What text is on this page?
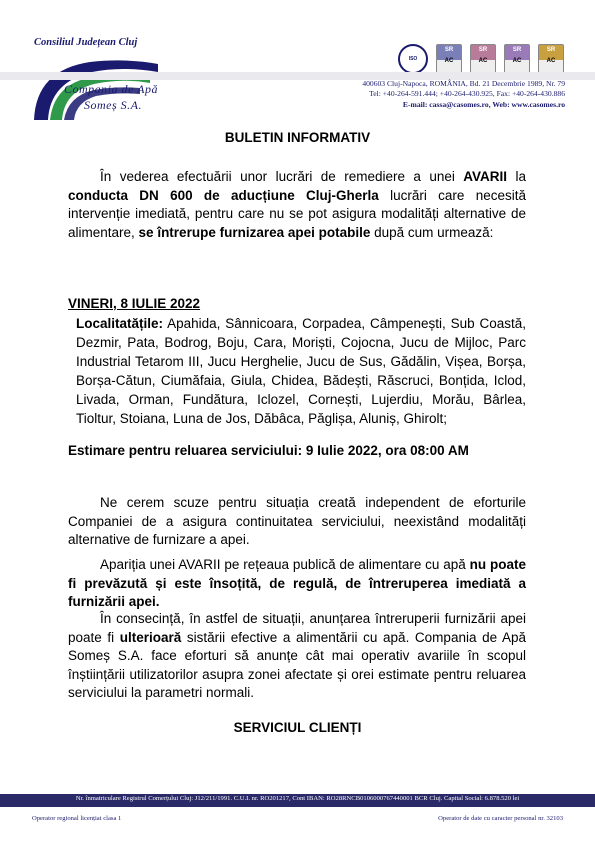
Consiliul Județean Cluj
Compania de Apă
Someș S.A.
ISO
SR
AC
SR
AC
SR
AC
SR
AC
400603 Cluj-Napoca, ROMÂNIA, Bd. 21 Decembrie 1989, Nr. 79
Tel: +40-264-591.444; +40-264-430.925, Fax: +40-264-430.886
E-mail: cassa@casomes.ro, Web: www.casomes.ro
BULETIN INFORMATIV
În vederea efectuării unor lucrări de remediere a unei AVARII la conducta DN 600 de aducțiune Cluj-Gherla lucrări care necesită intervenție imediată, pentru care nu se pot asigura modalități alternative de alimentare, se întrerupe furnizarea apei potabile după cum urmează:
VINERI, 8 IULIE 2022
Localitatățile: Apahida, Sânnicoara, Corpadea, Câmpenești, Sub Coastă, Dezmir, Pata, Bodrog, Boju, Cara, Moriști, Cojocna, Jucu de Mijloc, Parc Industrial Tetarom III, Jucu Herghelie, Jucu de Sus, Gădălin, Vișea, Borșa, Borșa-Cătun, Ciumăfaia, Giula, Chidea, Bădești, Răscruci, Bonțida, Iclod, Livada, Orman, Fundătura, Iclozel, Cornești, Lujerdiu, Morău, Bârlea, Tioltur, Stoiana, Luna de Jos, Dăbâca, Păglișa, Aluniș, Ghirolt;
Estimare pentru reluarea serviciului: 9 Iulie 2022, ora 08:00 AM
Ne cerem scuze pentru situația creată independent de eforturile Companiei de a asigura continuitatea serviciului, neexistând modalități alternative de furnizare a apei.
Apariția unei AVARII pe rețeaua publică de alimentare cu apă nu poate fi prevăzută și este însoțită, de regulă, de întreruperea imediată a furnizării apei.
În consecință, în astfel de situații, anunțarea întreruperii furnizării apei poate fi ulterioară sistării efective a alimentării cu apă. Compania de Apă Someș S.A. face eforturi să anunțe cât mai operativ avariile în scopul înștiințării utilizatorilor asupra zonei afectate și orei estimate pentru reluarea serviciului la parametri normali.
SERVICIUL CLIENȚI
Nr. înmatriculare Registrul Comerțului Cluj: J12/211/1991. C.U.I. nr. RO201217, Cont IBAN: RO28RNCB0106000767440001 BCR Cluj. Capital Social: 6.878.520 lei
Operator regional licențiat clasa 1	Operator de date cu caracter personal nr. 32103
